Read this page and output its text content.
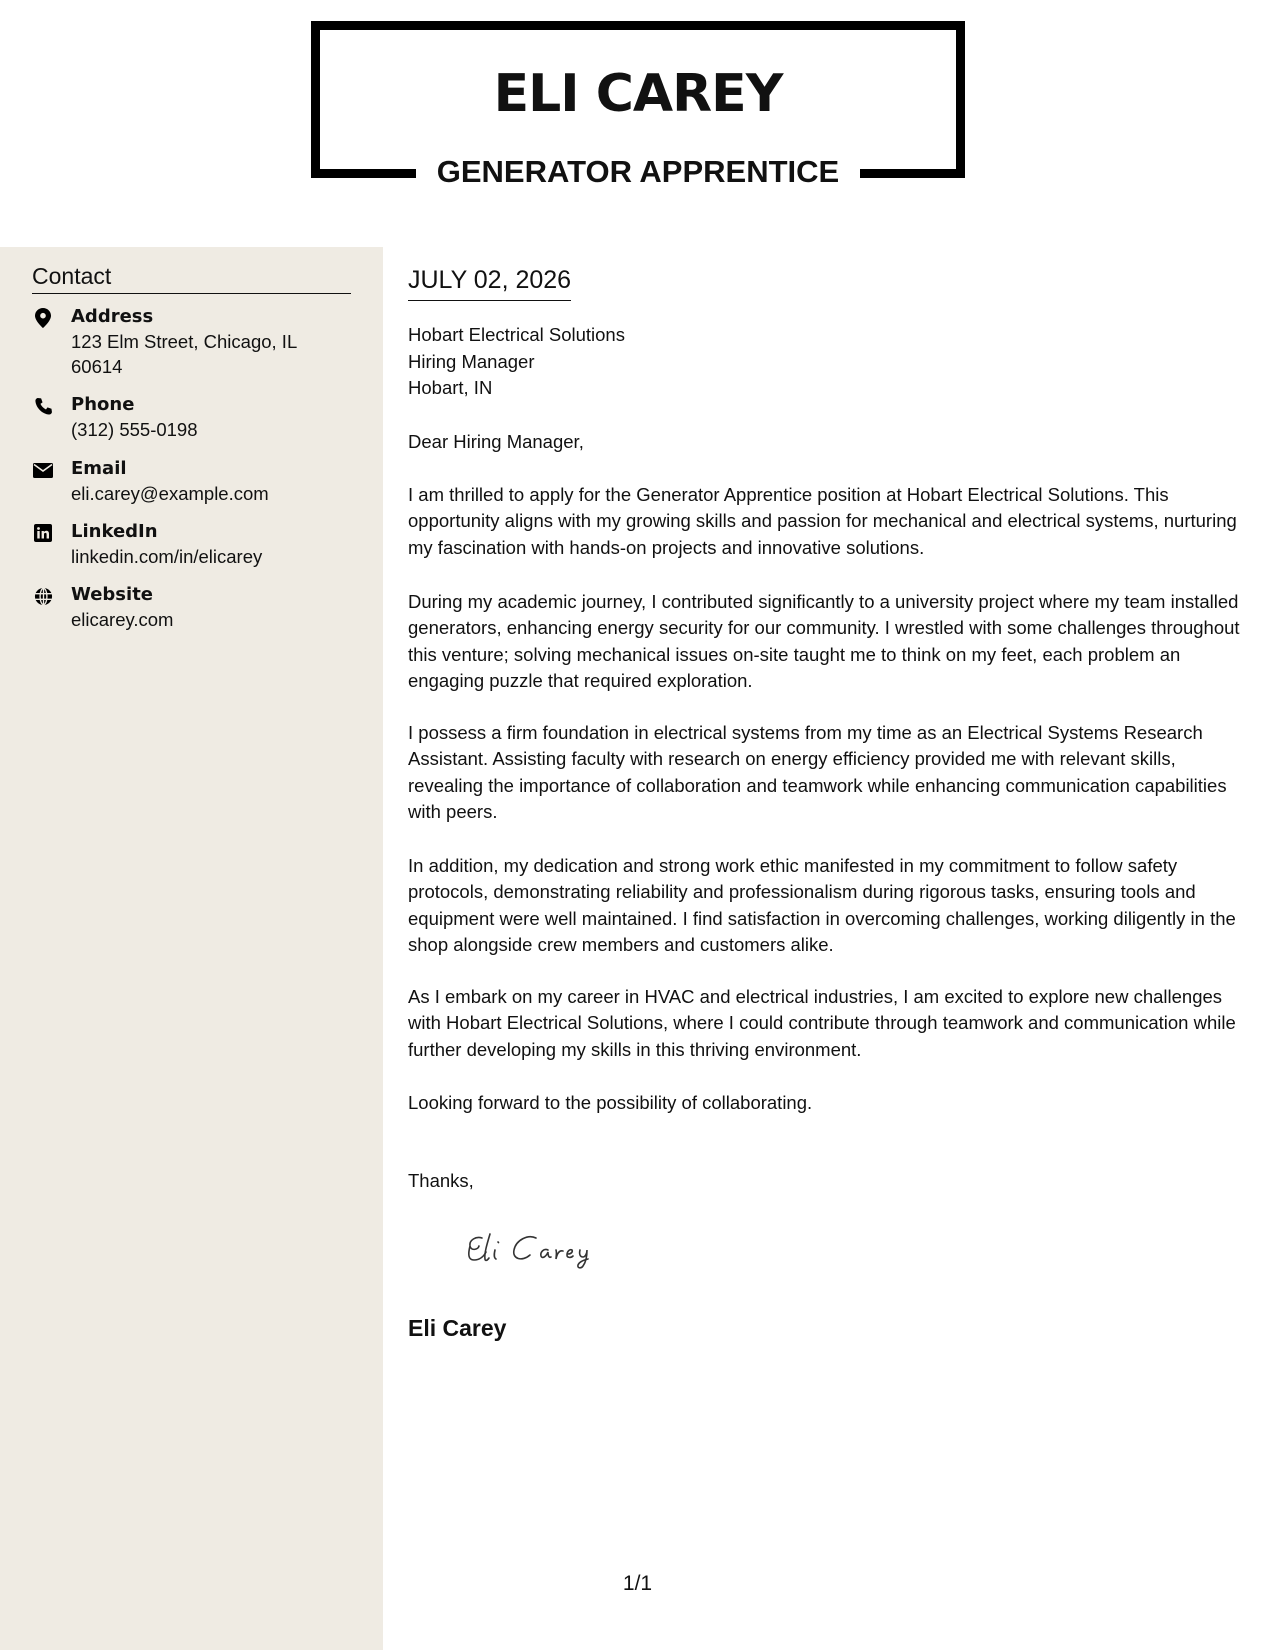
ELI CAREY
GENERATOR APPRENTICE
Contact
Address
123 Elm Street, Chicago, IL 60614
Phone
(312) 555-0198
Email
eli.carey@example.com
LinkedIn
linkedin.com/in/elicarey
Website
elicarey.com
JULY 02, 2026
Hobart Electrical Solutions
Hiring Manager
Hobart, IN

Dear Hiring Manager,

I am thrilled to apply for the Generator Apprentice position at Hobart Electrical Solutions. This opportunity aligns with my growing skills and passion for mechanical and electrical systems, nurturing my fascination with hands-on projects and innovative solutions.

During my academic journey, I contributed significantly to a university project where my team installed generators, enhancing energy security for our community. I wrestled with some challenges throughout this venture; solving mechanical issues on-site taught me to think on my feet, each problem an engaging puzzle that required exploration.

I possess a firm foundation in electrical systems from my time as an Electrical Systems Research Assistant. Assisting faculty with research on energy efficiency provided me with relevant skills, revealing the importance of collaboration and teamwork while enhancing communication capabilities with peers.

In addition, my dedication and strong work ethic manifested in my commitment to follow safety protocols, demonstrating reliability and professionalism during rigorous tasks, ensuring tools and equipment were well maintained. I find satisfaction in overcoming challenges, working diligently in the shop alongside crew members and customers alike.

As I embark on my career in HVAC and electrical industries, I am excited to explore new challenges with Hobart Electrical Solutions, where I could contribute through teamwork and communication while further developing my skills in this thriving environment.

Looking forward to the possibility of collaborating.

Thanks,

Eli Carey
1/1
